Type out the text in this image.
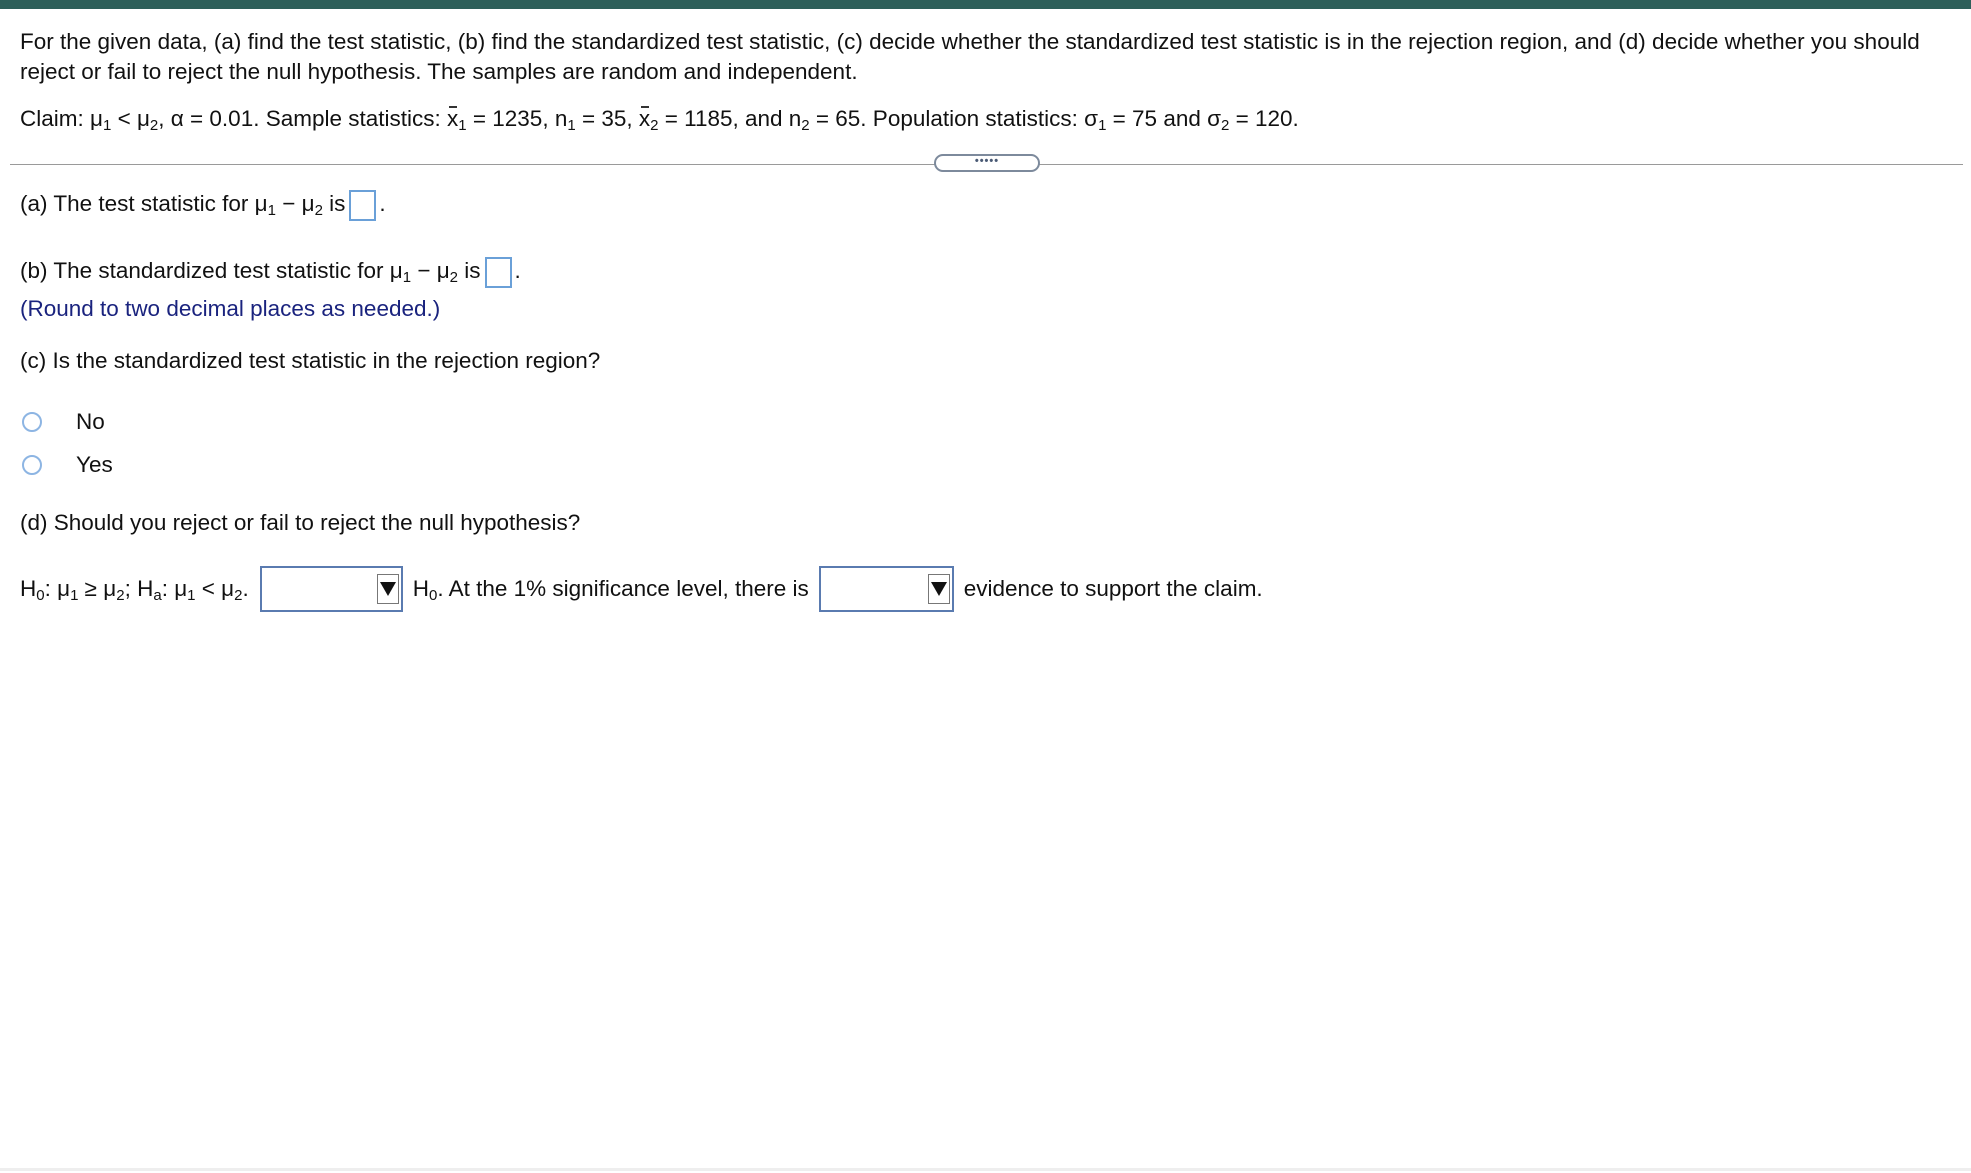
For the given data, (a) find the test statistic, (b) find the standardized test statistic, (c) decide whether the standardized test statistic is in the rejection region, and (d) decide whether you should reject or fail to reject the null hypothesis. The samples are random and independent.
Claim: $\mu_1 < \mu_2$, α = 0.01. Sample statistics: $x_1 = 1235$, $n_1 = 35$, $x_2 = 1185$, and $n_2 = 65$. Population statistics: $\sigma_1 = 75$ and $\sigma_2 = 120$.
•••••
(a) The test statistic for $\mu_1 - \mu_2$ is .
(b) The standardized test statistic for $\mu_1 - \mu_2$ is .
(Round to two decimal places as needed.)
(c) Is the standardized test statistic in the rejection region?
No
Yes
(d) Should you reject or fail to reject the null hypothesis?
$H_0$: $\mu_1 \ge \mu_2$; $H_a$: $\mu_1 < \mu_2$.	$H_0$. At the 1% significance level, there is	evidence to support the claim.
